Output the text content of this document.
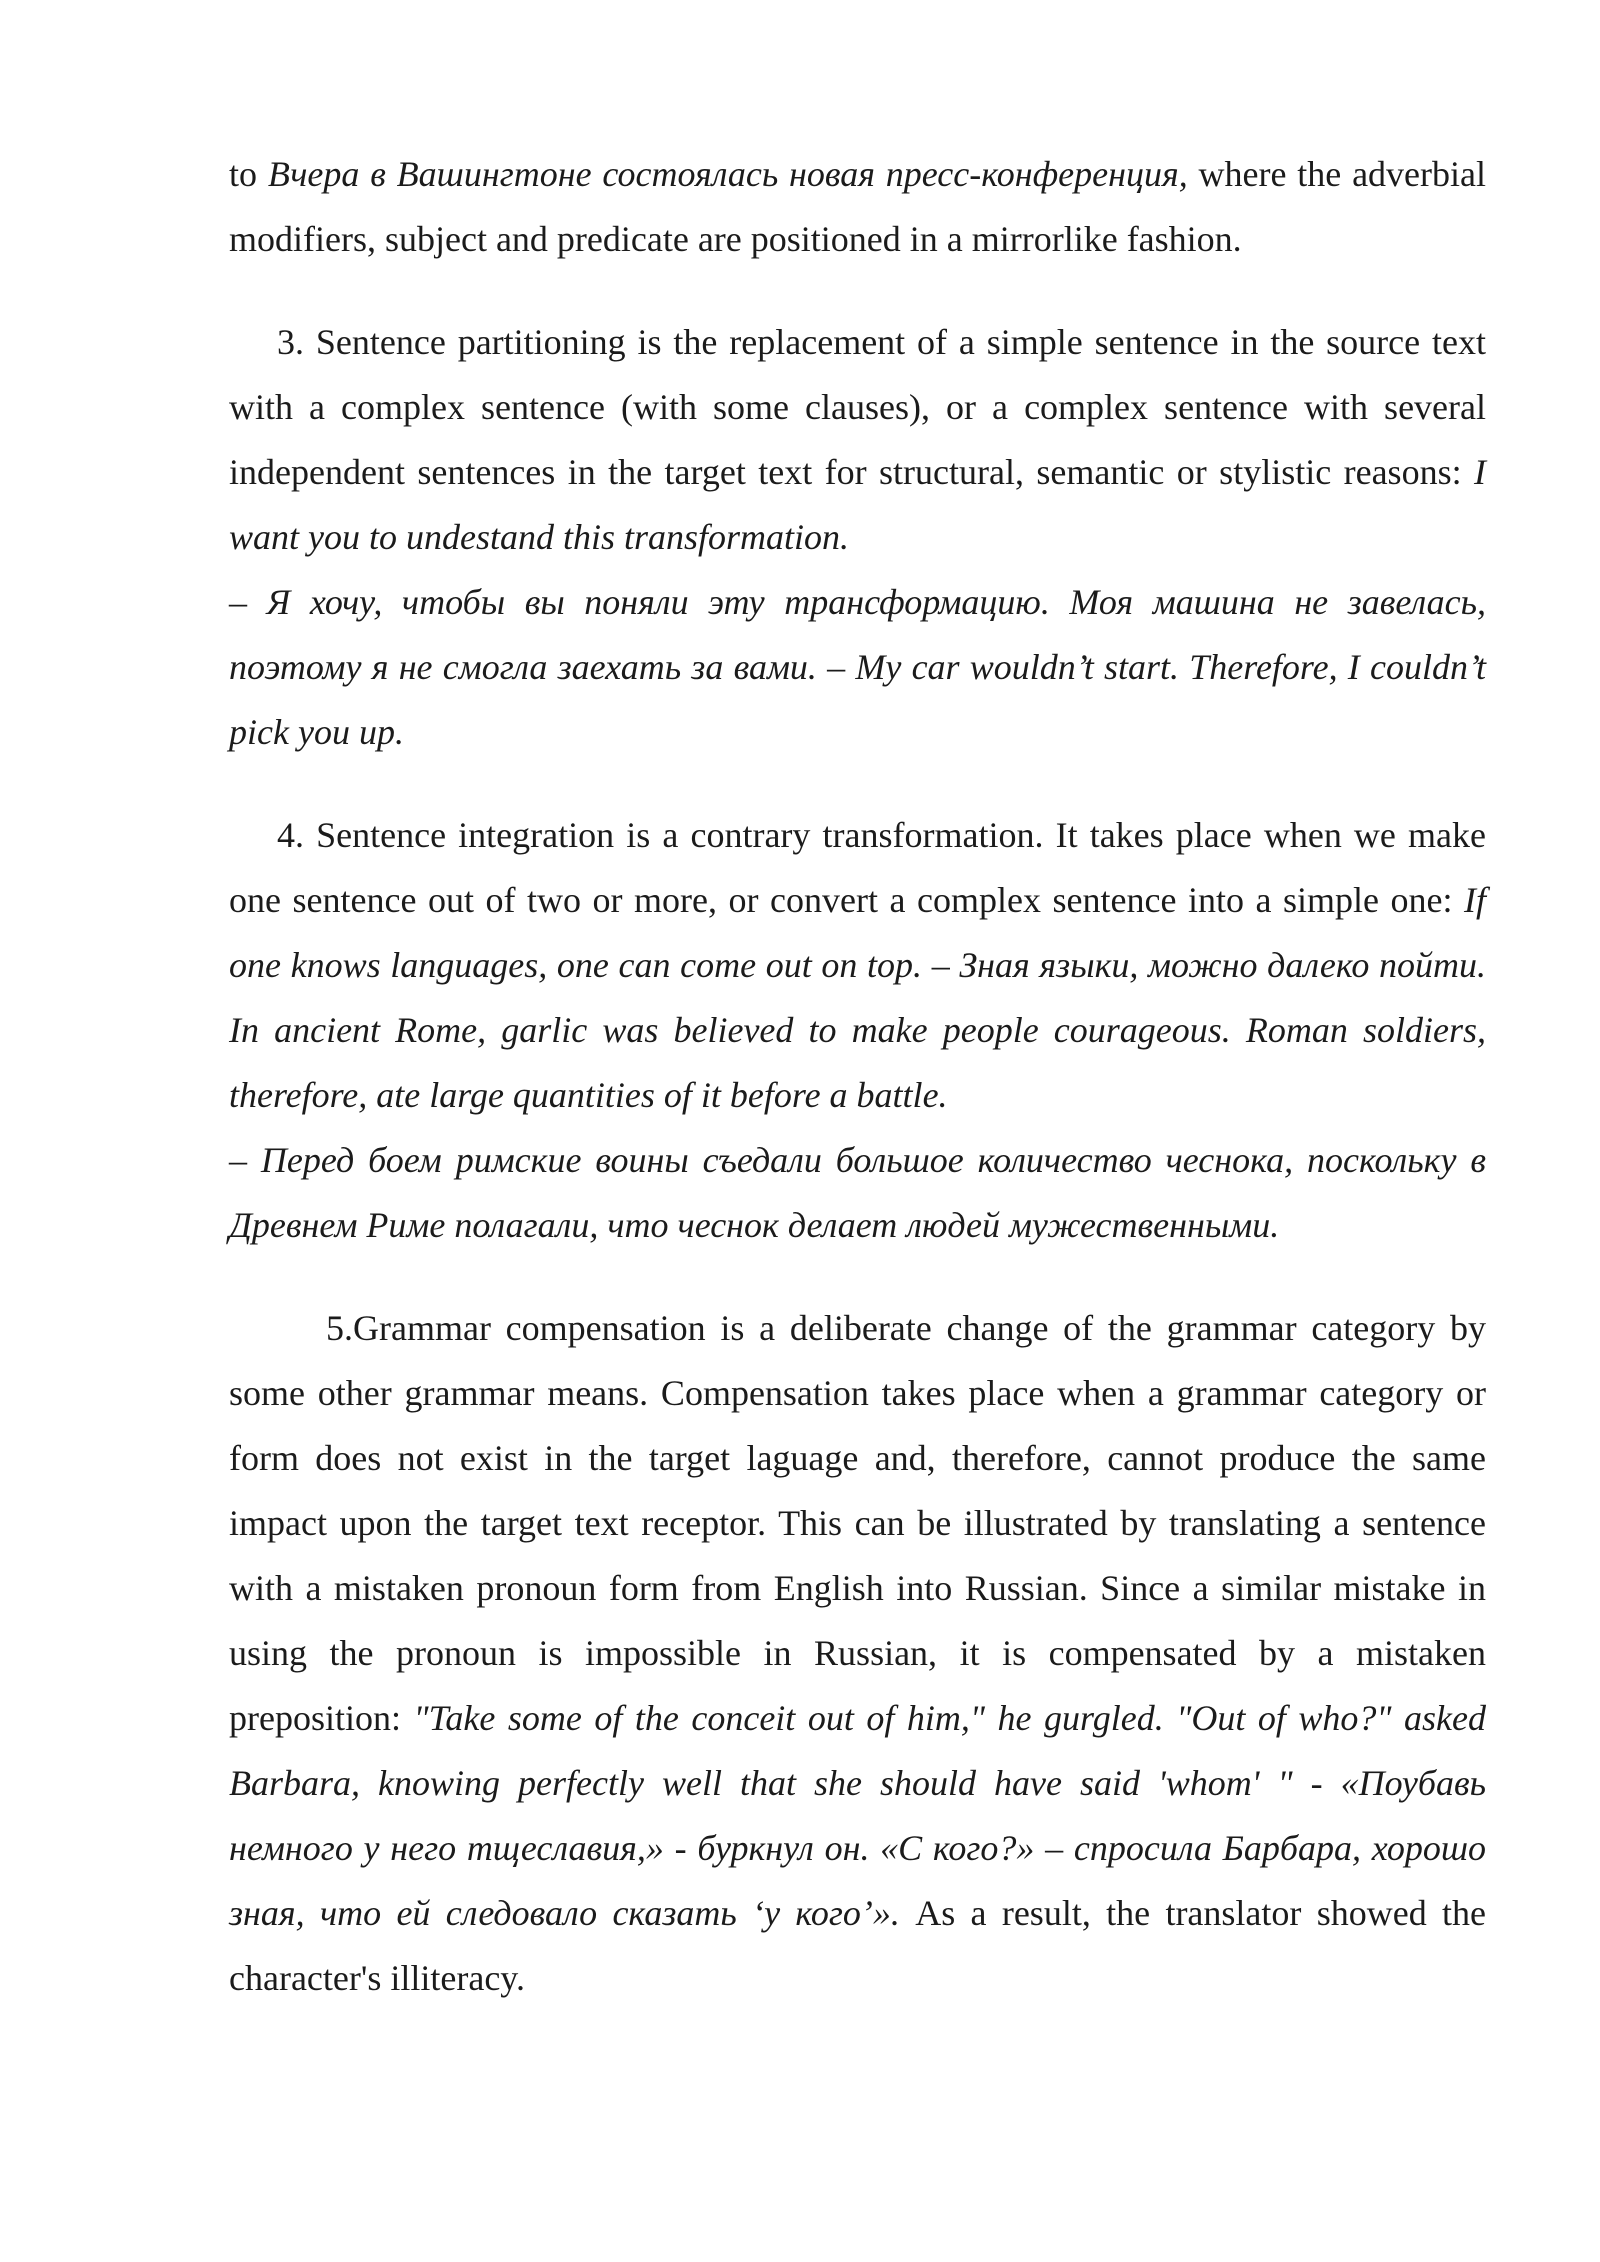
to Вчера в Вашингтоне состоялась новая пресс-конференция, where the adverbial modifiers, subject and predicate are positioned in a mirrorlike fashion.

3. Sentence partitioning is the replacement of a simple sentence in the source text with a complex sentence (with some clauses), or a complex sentence with several independent sentences in the target text for structural, semantic or stylistic reasons: I want you to undestand this transformation.
– Я хочу, чтобы вы поняли эту трансформацию. Моя машина не завелась, поэтому я не смогла заехать за вами. – My car wouldn’t start. Therefore, I couldn’t pick you up.

4. Sentence integration is a contrary transformation. It takes place when we make one sentence out of two or more, or convert a complex sentence into a simple one: If one knows languages, one can come out on top. – Зная языки, можно далеко пойти. In ancient Rome, garlic was believed to make people courageous. Roman soldiers, therefore, ate large quantities of it before a battle.
– Перед боем римские воины съедали большое количество чеснока, поскольку в Древнем Риме полагали, что чеснок делает людей мужественными.

5.Grammar compensation is a deliberate change of the grammar category by some other grammar means. Compensation takes place when a grammar category or form does not exist in the target laguage and, therefore, cannot produce the same impact upon the target text receptor. This can be illustrated by translating a sentence with a mistaken pronoun form from English into Russian. Since a similar mistake in using the pronoun is impossible in Russian, it is compensated by a mistaken preposition: "Take some of the conceit out of him," he gurgled. "Out of who?" asked Barbara, knowing perfectly well that she should have said 'whom' " - «Поубавь немного у него тщеславия,» - буркнул он. «С кого?» – спросила Барбара, хорошо зная, что ей следовало сказать ‘у кого’». As a result, the translator showed the character's illiteracy.
